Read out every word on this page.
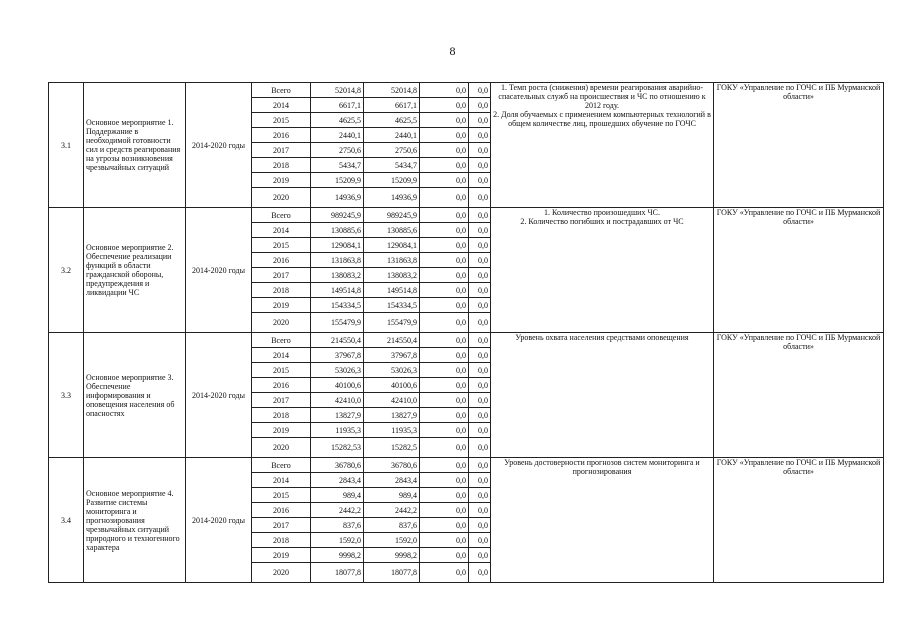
8
3.1	Основное мероприятие 1. Поддержание в необходимой готовности сил и средств реагирования на угрозы возникновения чрезвычайных ситуаций	2014-2020 годы	Всего	52014,8	52014,8	0,0	0,0	1. Темп роста (снижения) времени реагирования аварийно-спасательных служб на происшествия и ЧС по отношению к 2012 году.
2. Доля обучаемых с применением компьютерных технологий в общем количестве лиц, прошедших обучение по ГОЧС	ГОКУ «Управление по ГОЧС и ПБ Мурманской области»
			2014	6617,1	6617,1	0,0	0,0		
			2015	4625,5	4625,5	0,0	0,0		
			2016	2440,1	2440,1	0,0	0,0		
			2017	2750,6	2750,6	0,0	0,0		
			2018	5434,7	5434,7	0,0	0,0		
			2019	15209,9	15209,9	0,0	0,0		
			2020	14936,9	14936,9	0,0	0,0		
3.2	Основное мероприятие 2. Обеспечение реализации функций в области гражданской обороны, предупреждения и ликвидации ЧС	2014-2020 годы	Всего	989245,9	989245,9	0,0	0,0	1. Количество произошедших ЧС.
2. Количество погибших и пострадавших от ЧС	ГОКУ «Управление по ГОЧС и ПБ Мурманской области»
			2014	130885,6	130885,6	0,0	0,0		
			2015	129084,1	129084,1	0,0	0,0		
			2016	131863,8	131863,8	0,0	0,0		
			2017	138083,2	138083,2	0,0	0,0		
			2018	149514,8	149514,8	0,0	0,0		
			2019	154334,5	154334,5	0,0	0,0		
			2020	155479,9	155479,9	0,0	0,0		
3.3	Основное мероприятие 3. Обеспечение информирования и оповещения населения об опасностях	2014-2020 годы	Всего	214550,4	214550,4	0,0	0,0	Уровень охвата населения средствами оповещения	ГОКУ «Управление по ГОЧС и ПБ Мурманской области»
			2014	37967,8	37967,8	0,0	0,0		
			2015	53026,3	53026,3	0,0	0,0		
			2016	40100,6	40100,6	0,0	0,0		
			2017	42410,0	42410,0	0,0	0,0		
			2018	13827,9	13827,9	0,0	0,0		
			2019	11935,3	11935,3	0,0	0,0		
			2020	15282,53	15282,5	0,0	0,0		
3.4	Основное мероприятие 4. Развитие системы мониторинга и прогнозирования чрезвычайных ситуаций природного и техногенного характера	2014-2020 годы	Всего	36780,6	36780,6	0,0	0,0	Уровень достоверности прогнозов систем мониторинга и прогнозирования	ГОКУ «Управление по ГОЧС и ПБ Мурманской области»
			2014	2843,4	2843,4	0,0	0,0		
			2015	989,4	989,4	0,0	0,0		
			2016	2442,2	2442,2	0,0	0,0		
			2017	837,6	837,6	0,0	0,0		
			2018	1592,0	1592,0	0,0	0,0		
			2019	9998,2	9998,2	0,0	0,0		
			2020	18077,8	18077,8	0,0	0,0		
